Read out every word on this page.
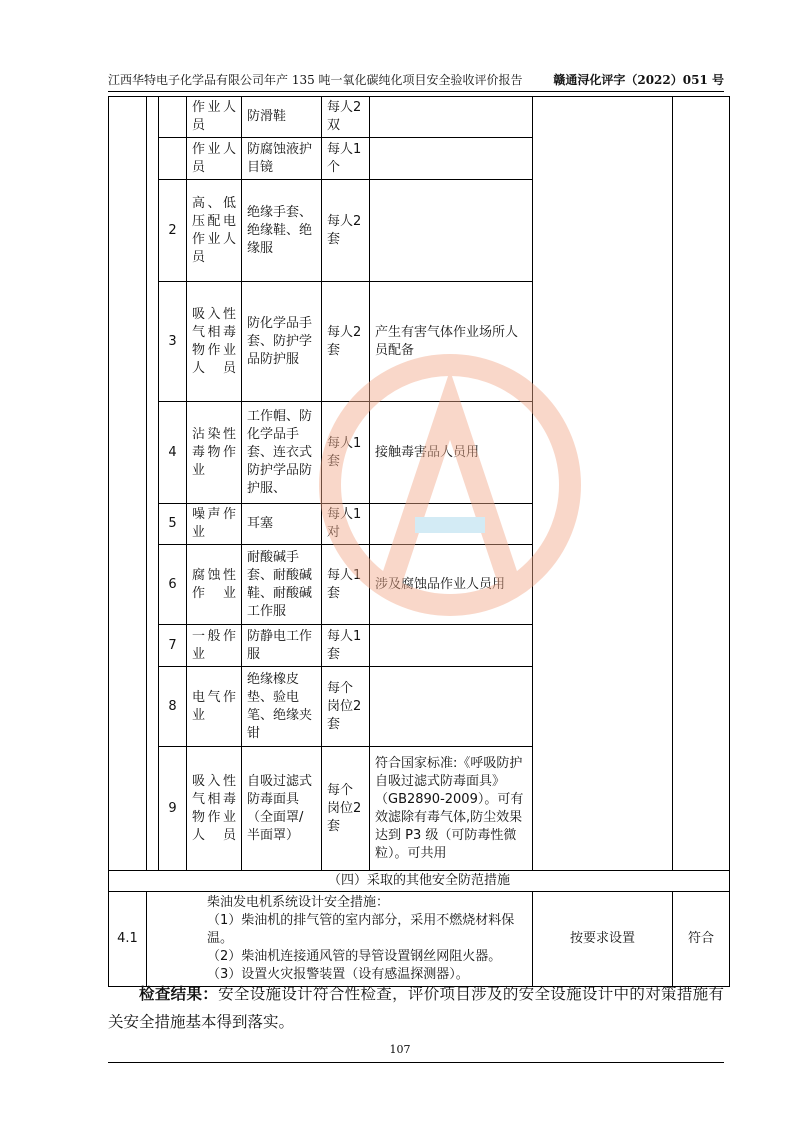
江西华特电子化学品有限公司年产 135 吨一氧化碳纯化项目安全验收评价报告	赣通浔化评字（2022）051 号
			作业人员	防滑鞋	每人2双			
			作业人员	防腐蚀液护目镜	每人1个			
		2	高、低压配电作业人员	绝缘手套、绝缘鞋、绝缘服	每人2套			
		3	吸入性气相毒物作业人员	防化学品手套、防护学品防护服	每人2套	产生有害气体作业场所人员配备		
		4	沾染性毒物作业	工作帽、防化学品手套、连衣式防护学品防护服、	每人1套	接触毒害品人员用		
		5	噪声作业	耳塞	每人1对			
		6	腐蚀性作业	耐酸碱手套、耐酸碱鞋、耐酸碱工作服	每人1套	涉及腐蚀品作业人员用		
		7	一般作业	防静电工作服	每人1套			
		8	电气作业	绝缘橡皮垫、验电笔、绝缘夹钳	每个岗位2套			
		9	吸入性气相毒物作业人员	自吸过滤式防毒面具（全面罩/半面罩）	每个岗位2套	符合国家标准:《呼吸防护 自吸过滤式防毒面具》（GB2890-2009）。可有效滤除有毒气体,防尘效果达到 P3 级（可防毒性微粒）。可共用		
（四）采取的其他安全防范措施								
4.1	柴油发电机系统设计安全措施：
（1）柴油机的排气管的室内部分，采用不燃烧材料保温。
（2）柴油机连接通风管的导管设置钢丝网阻火器。
（3）设置火灾报警装置（设有感温探测器）。						按要求设置	符合
检查结果：安全设施设计符合性检查，评价项目涉及的安全设施设计中的对策措施有关安全措施基本得到落实。
107
